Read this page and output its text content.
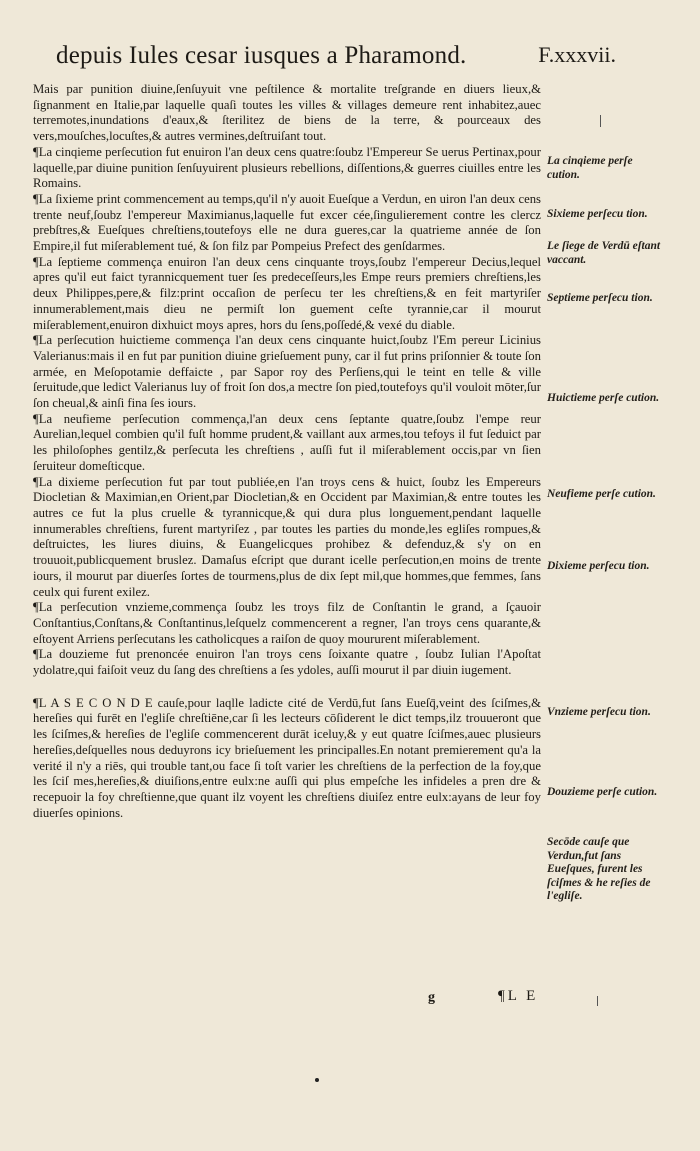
depuis Iules cesar iusques a Pharamond.	F.xxxvii.

Mais par punition diuine,ſenſuyuit vne peſtilence & mortalite treſgrande en diuers lieux,& ſignanment en Italie,par laquelle quaſi toutes les villes & villages demeure rent inhabitez,auec terremotes,inundations d'eaux,& ſterilitez de biens de la terre, & pourceaux des vers,mouſches,locuſtes,& autres vermines,deſtruiſant tout.

¶La cinqieme perſecution fut enuiron l'an deux cens quatre:ſoubz l'Empereur Se uerus Pertinax,pour laquelle,par diuine punition ſenſuyuirent plusieurs rebellions, diſſentions,& guerres ciuilles entre les Romains.

¶La ſixieme print commencement au temps,qu'il n'y auoit Eueſque a Verdun, en uiron l'an deux cens trente neuf,ſoubz l'empereur Maximianus,laquelle fut excer cée,ſingulierement contre les clercz prebſtres,& Eueſques chreſtiens,toutefoys elle ne dura gueres,car la quatrieme année de ſon Empire,il fut miſerablement tué, & ſon filz par Pompeius Prefect des genſdarmes.

¶La ſeptieme commença enuiron l'an deux cens cinquante troys,ſoubz l'empereur Decius,lequel apres qu'il eut faict tyrannicquement tuer ſes predeceſſeurs,les Empe reurs premiers chreſtiens,les deux Philippes,pere,& filz:print occaſion de perſecu ter les chreſtiens,& en feit martyriſer innumerablement,mais dieu ne permiſt lon guement ceſte tyrannie,car il mourut miſerablement,enuiron dixhuict moys apres, hors du ſens,poſſedé,& vexé du diable.

¶La perſecution huictieme commença l'an deux cens cinquante huict,ſoubz l'Em pereur Licinius Valerianus:mais il en fut par punition diuine grieſuement puny, car il fut prins priſonnier & toute ſon armée, en Meſopotamie deffaicte , par Sapor roy des Perſiens,qui le teint en telle & ville ſeruitude,que ledict Valerianus luy of froit ſon dos,a mectre ſon pied,toutefoys qu'il vouloit mōter,ſur ſon cheual,& ainſi fina ſes iours.

¶La neufieme perſecution commença,l'an deux cens ſeptante quatre,ſoubz l'empe reur Aurelian,lequel combien qu'il fuſt homme prudent,& vaillant aux armes,tou tefoys il fut ſeduict par les philoſophes gentilz,& perſecuta les chreſtiens , auſſi fut il miſerablement occis,par vn ſien ſeruiteur domeſticque.

¶La dixieme perſecution fut par tout publiée,en l'an troys cens & huict, ſoubz les Empereurs Diocletian & Maximian,en Orient,par Diocletian,& en Occident par Maximian,& entre toutes les autres ce fut la plus cruelle & tyrannicque,& qui dura plus longuement,pendant laquelle innumerables chreſtiens, furent martyriſez , par toutes les parties du monde,les egliſes rompues,& deſtruictes, les liures diuins, & Euangelicques prohibez & defenduz,& s'y on en trouuoit,publicquement bruslez. Damaſus eſcript que durant icelle perſecution,en moins de trente iours, il mourut par diuerſes ſortes de tourmens,plus de dix ſept mil,que hommes,que femmes, ſans ceulx qui furent exilez.

¶La perſecution vnzieme,commença ſoubz les troys filz de Conſtantin le grand, a ſçauoir Conſtantius,Conſtans,& Conſtantinus,leſquelz commencerent a regner, l'an troys cens quarante,& eſtoyent Arriens perſecutans les catholicques a raiſon de quoy moururent miſerablement.

¶La douzieme fut prenoncée enuiron l'an troys cens ſoixante quatre , ſoubz Iulian l'Apoſtat ydolatre,qui faiſoit veuz du ſang des chreſtiens a ſes ydoles, auſſi mourut il par diuin iugement.

¶L A S E C O N D E cauſe,pour laqlle ladicte cité de Verdū,fut ſans Eueſq̄,veint des ſciſmes,& hereſies qui furēt en l'egliſe chreſtiēne,car ſi les lecteurs cōſiderent le dict temps,ilz trouueront que les ſciſmes,& hereſies de l'egliſe commencerent durāt iceluy,& y eut quatre ſciſmes,auec plusieurs hereſies,deſquelles nous deduyrons icy brieſuement les principalles.En notant premierement qu'a la verité il n'y a riēs, qui trouble tant,ou face ſi toſt varier les chreſtiens de la perfection de la foy,que les ſciſ mes,hereſies,& diuiſions,entre eulx:ne auſſi qui plus empeſche les infideles a pren dre & recepuoir la foy chreſtienne,que quant ilz voyent les chreſtiens diuiſez entre eulx:ayans de leur foy diuerſes opinions.

La cinqieme perſe cution.
Sixieme perſecu tion.
Le ſiege de Verdū eſtant vaccant.
Septieme perſecu tion.
Huictieme perſe cution.
Neufieme perſe cution.
Dixieme perſecu tion.
Vnzieme perſecu tion.
Douzieme perſe cution.
Secōde cauſe que Verdun,fut ſans Eueſques, furent les ſciſmes & he reſies de l'egliſe.
g	¶L E
